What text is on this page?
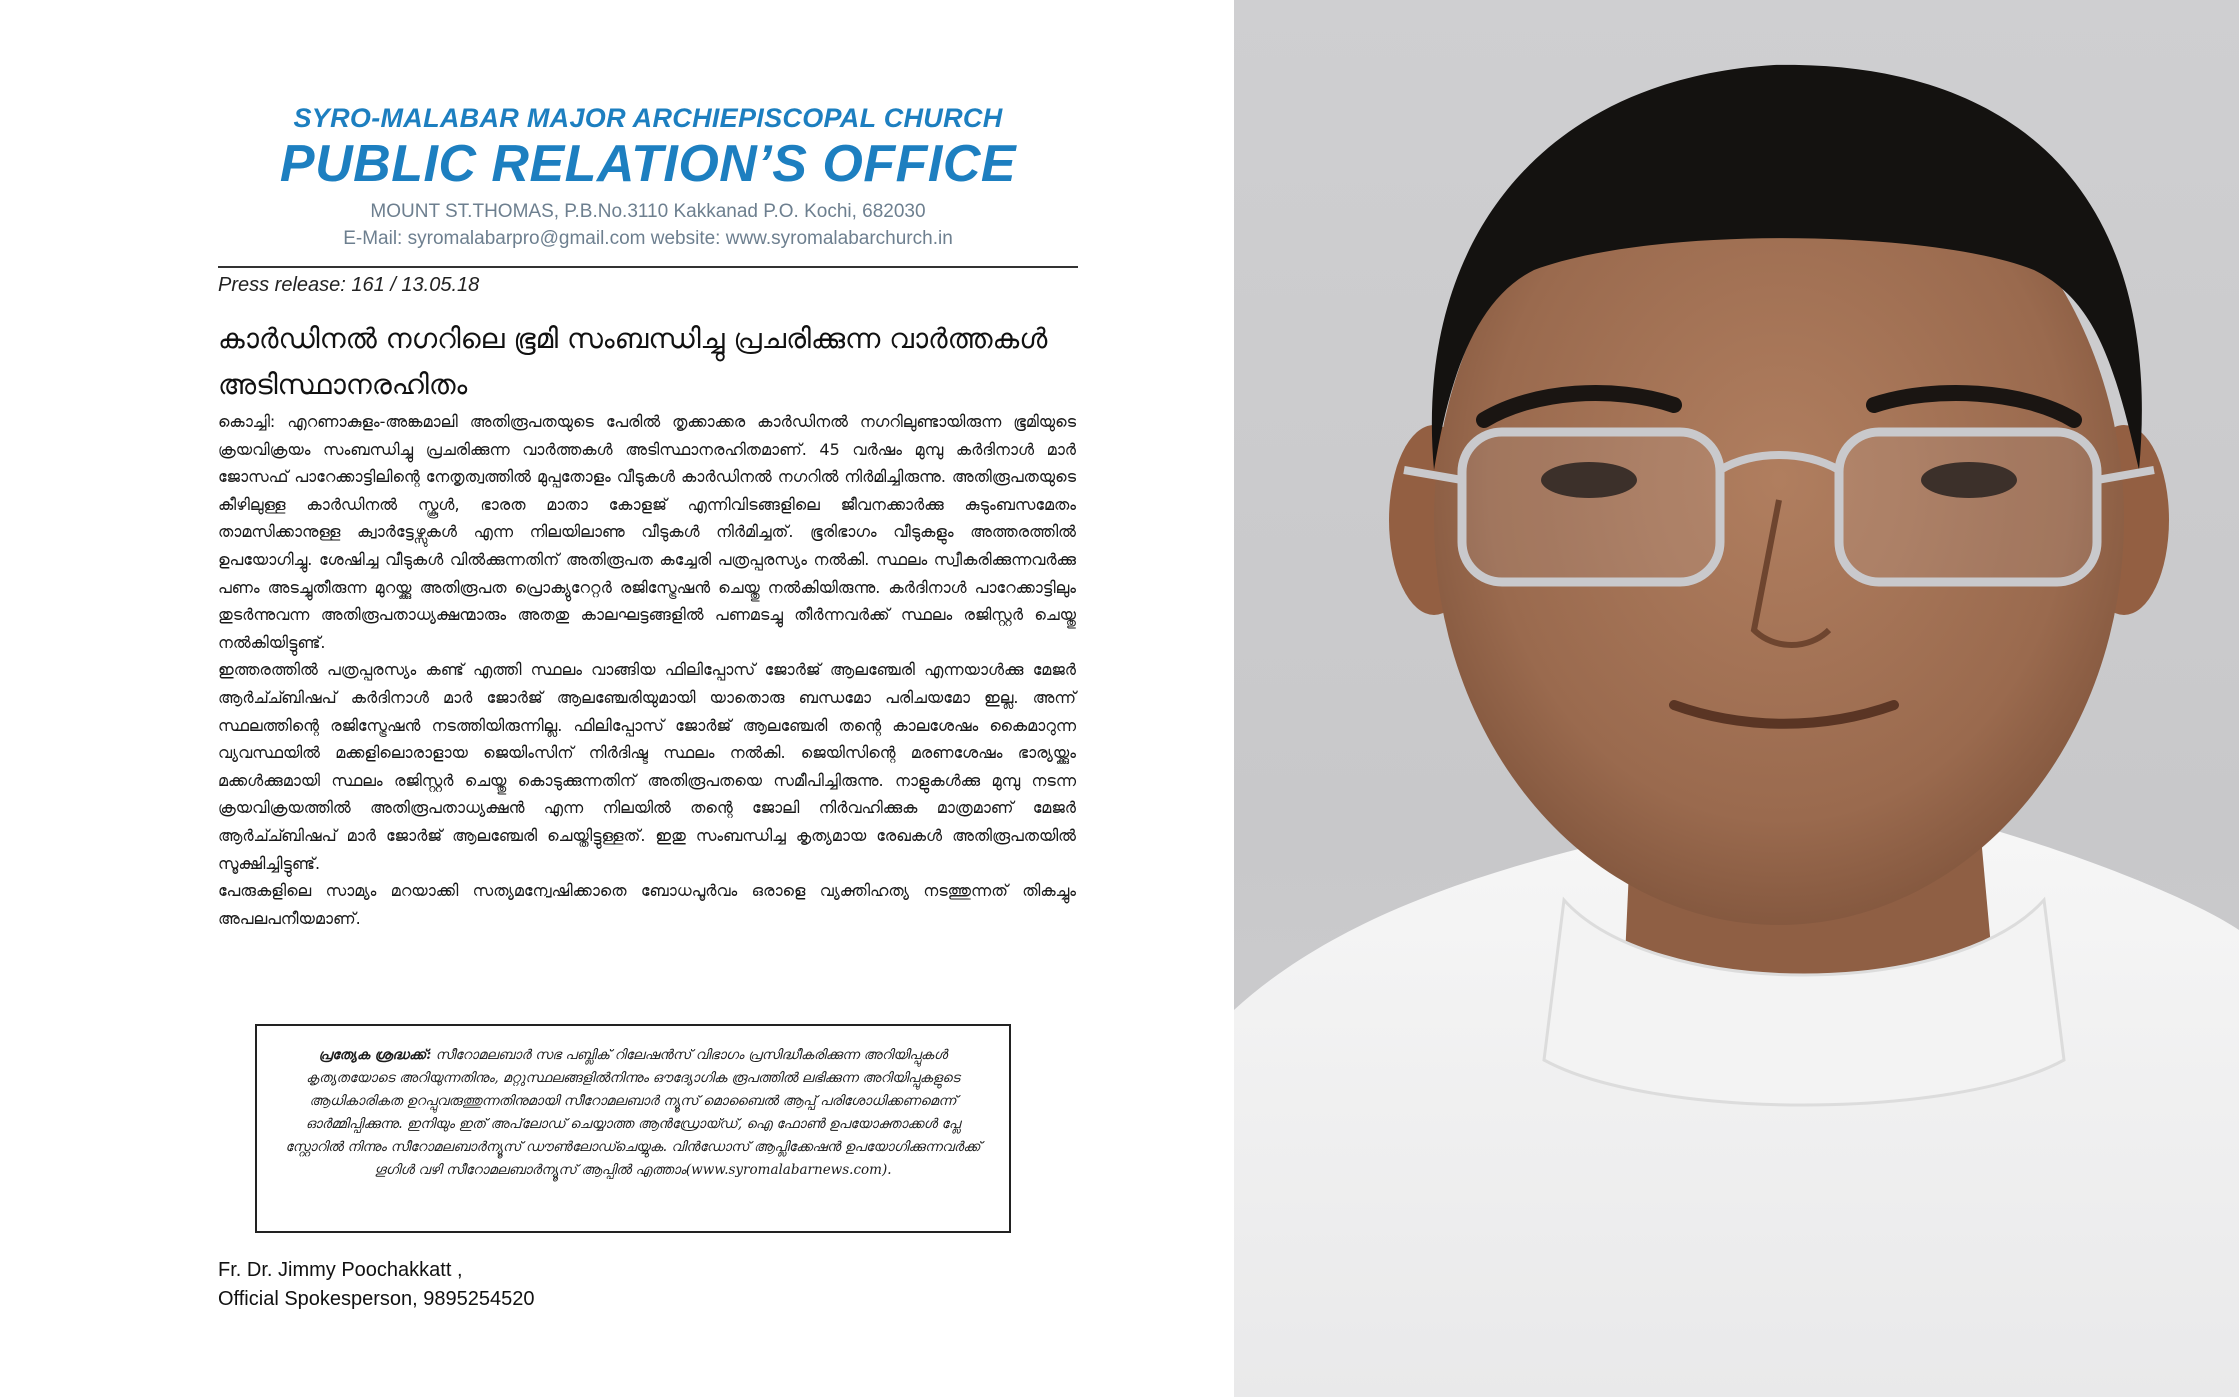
SYRO-MALABAR MAJOR ARCHIEPISCOPAL CHURCH
PUBLIC RELATION’S OFFICE
MOUNT ST.THOMAS, P.B.No.3110 Kakkanad P.O. Kochi, 682030
E-Mail: syromalabarpro@gmail.com website: www.syromalabarchurch.in
Press release: 161 / 13.05.18
കാർഡിനൽ നഗറിലെ ഭൂമി സംബന്ധിച്ചു പ്രചരിക്കുന്ന വാർത്തകൾ അടിസ്ഥാനരഹിതം

കൊച്ചി: എറണാകുളം-അങ്കമാലി അതിരൂപതയുടെ പേരിൽ തൃക്കാക്കര കാർഡിനൽ നഗറിലുണ്ടായിരുന്ന ഭൂമിയുടെ ക്രയവിക്രയം സംബന്ധിച്ചു പ്രചരിക്കുന്ന വാർത്തകൾ അടിസ്ഥാനരഹിതമാണ്. 45 വർഷം മുമ്പു കർദിനാൾ മാർ ജോസഫ് പാറേക്കാട്ടിലിന്റെ നേതൃത്വത്തിൽ മുപ്പതോളം വീടുകൾ കാർഡിനൽ നഗറിൽ നിർമിച്ചിരുന്നു. അതിരൂപതയുടെ കീഴിലുള്ള കാർഡിനൽ സ്കൂൾ, ഭാരത മാതാ കോളജ് എന്നിവിടങ്ങളിലെ ജീവനക്കാർക്കു കുടുംബസമേതം താമസിക്കാനുള്ള ക്വാർട്ടേഴ്സുകൾ എന്ന നിലയിലാണു വീടുകൾ നിർമിച്ചത്. ഭൂരിഭാഗം വീടുകളും അത്തരത്തിൽ ഉപയോഗിച്ചു. ശേഷിച്ച വീടുകൾ വിൽക്കുന്നതിന് അതിരൂപത കച്ചേരി പത്രപ്പരസ്യം നൽകി. സ്ഥലം സ്വീകരിക്കുന്നവർക്കു പണം അടച്ചുതീരുന്ന മുറയ്ക്കു അതിരൂപത പ്രൊക്യുറേറ്റർ രജിസ്ട്രേഷൻ ചെയ്തു നൽകിയിരുന്നു. കർദിനാൾ പാറേക്കാട്ടിലും തുടർന്നുവന്ന അതിരൂപതാധ്യക്ഷന്മാരും അതതു കാലഘട്ടങ്ങളിൽ പണമടച്ചു തീർന്നവർക്ക് സ്ഥലം രജിസ്റ്റർ ചെയ്തു നൽകിയിട്ടുണ്ട്.

ഇത്തരത്തിൽ പത്രപ്പരസ്യം കണ്ട് എത്തി സ്ഥലം വാങ്ങിയ ഫിലിപ്പോസ് ജോർജ് ആലഞ്ചേരി എന്നയാൾക്കു മേജർ ആർച്ച്ബിഷപ് കർദിനാൾ മാർ ജോർജ് ആലഞ്ചേരിയുമായി യാതൊരു ബന്ധമോ പരിചയമോ ഇല്ല. അന്ന് സ്ഥലത്തിന്റെ രജിസ്ട്രേഷൻ നടത്തിയിരുന്നില്ല. ഫിലിപ്പോസ് ജോർജ് ആലഞ്ചേരി തന്റെ കാലശേഷം കൈമാറുന്ന വ്യവസ്ഥയിൽ മക്കളിലൊരാളായ ജെയിംസിന് നിർദിഷ്ട സ്ഥലം നൽകി. ജെയിസിന്റെ മരണശേഷം ഭാര്യയ്ക്കും മക്കൾക്കുമായി സ്ഥലം രജിസ്റ്റർ ചെയ്തു കൊടുക്കുന്നതിന് അതിരൂപതയെ സമീപിച്ചിരുന്നു. നാളുകൾക്കു മുമ്പു നടന്ന ക്രയവിക്രയത്തിൽ അതിരൂപതാധ്യക്ഷൻ എന്ന നിലയിൽ തന്റെ ജോലി നിർവഹിക്കുക മാത്രമാണ് മേജർ ആർച്ച്ബിഷപ് മാർ ജോർജ് ആലഞ്ചേരി ചെയ്തിട്ടുള്ളത്. ഇതു സംബന്ധിച്ച കൃത്യമായ രേഖകൾ അതിരൂപതയിൽ സൂക്ഷിച്ചിട്ടുണ്ട്.

പേരുകളിലെ സാമ്യം മറയാക്കി സത്യമന്വേഷിക്കാതെ ബോധപൂർവം ഒരാളെ വ്യക്തിഹത്യ നടത്തുന്നത് തികച്ചും അപലപനീയമാണ്.

പ്രത്യേക ശ്രദ്ധക്ക്: സീറോമലബാർ സഭ പബ്ലിക് റിലേഷൻസ് വിഭാഗം പ്രസിദ്ധീകരിക്കുന്ന അറിയിപ്പുകൾ കൃത്യതയോടെ അറിയുന്നതിനും, മറ്റുസ്ഥലങ്ങളിൽനിന്നും ഔദ്യോഗിക രൂപത്തിൽ ലഭിക്കുന്ന അറിയിപ്പുകളുടെ ആധികാരികത ഉറപ്പുവരുത്തുന്നതിനുമായി സീറോമലബാർ ന്യൂസ് മൊബൈൽ ആപ്പ് പരിശോധിക്കണമെന്ന് ഓർമ്മിപ്പിക്കുന്നു. ഇനിയും ഇത് അപ്‌ലോഡ് ചെയ്യാത്ത ആൻഡ്രോയ്ഡ്, ഐ ഫോൺ ഉപയോക്താക്കൾ പ്ലേ സ്റ്റോറിൽ നിന്നും സീറോമലബാർന്യൂസ് ഡൗൺലോഡ്ചെയ്യുക. വിൻഡോസ് ആപ്ലിക്കേഷൻ ഉപയോഗിക്കുന്നവർക്ക് ഗൂഗിൾ വഴി സീറോമലബാർന്യൂസ് ആപ്പിൽ എത്താം(www.syromalabarnews.com).
Fr. Dr. Jimmy Poochakkatt ,
Official Spokesperson, 9895254520
